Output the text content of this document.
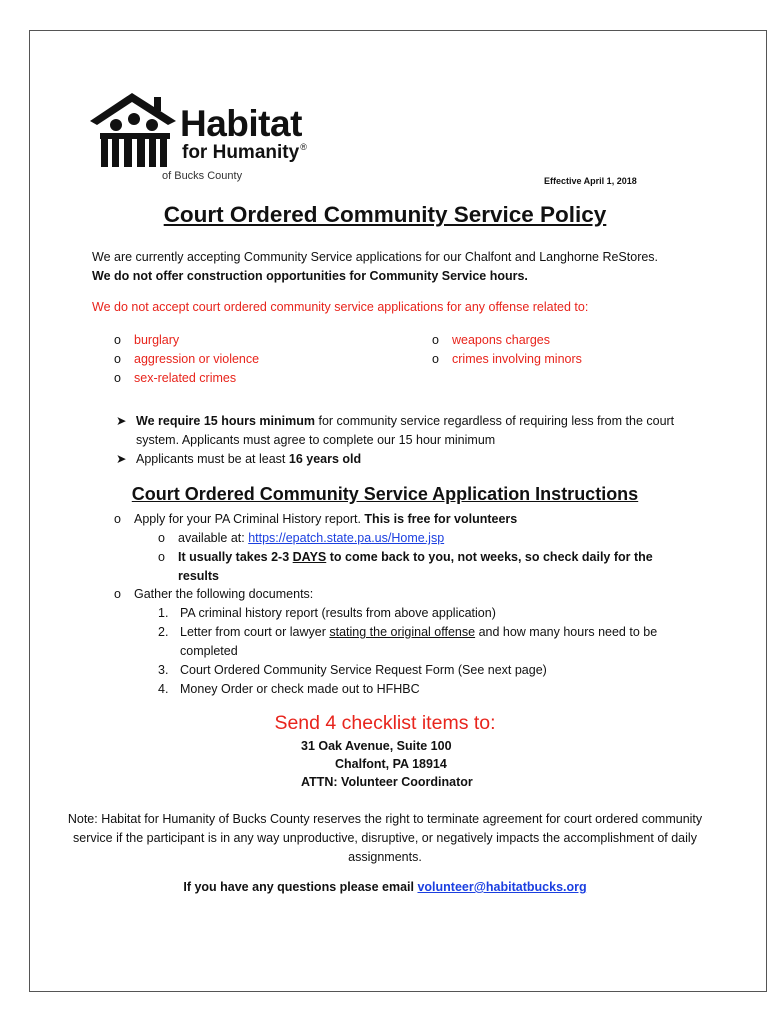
Habitat
for Humanity®
of Bucks County	Effective April 1, 2018
Court Ordered Community Service Policy
We are currently accepting Community Service applications for our Chalfont and Langhorne ReStores. We do not offer construction opportunities for Community Service hours.
We do not accept court ordered community service applications for any offense related to:
o burglary
o aggression or violence
o sex-related crimes
o weapons charges
o crimes involving minors
➤ We require 15 hours minimum for community service regardless of requiring less from the court system. Applicants must agree to complete our 15 hour minimum
➤ Applicants must be at least 16 years old
Court Ordered Community Service Application Instructions
o Apply for your PA Criminal History report. This is free for volunteers
o available at: https://epatch.state.pa.us/Home.jsp
o	It usually takes 2-3 DAYS to come back to you, not weeks, so check daily for the results
o Gather the following documents:
1. PA criminal history report (results from above application)
2. Letter from court or lawyer stating the original offense and how many hours need to be completed
3. Court Ordered Community Service Request Form (See next page)
4. Money Order or check made out to HFHBC
Send 4 checklist items to:
31 Oak Avenue, Suite 100
Chalfont, PA 18914
ATTN: Volunteer Coordinator
Note: Habitat for Humanity of Bucks County reserves the right to terminate agreement for court ordered community service if the participant is in any way unproductive, disruptive, or negatively impacts the accomplishment of daily assignments.
If you have any questions please email volunteer@habitatbucks.org
